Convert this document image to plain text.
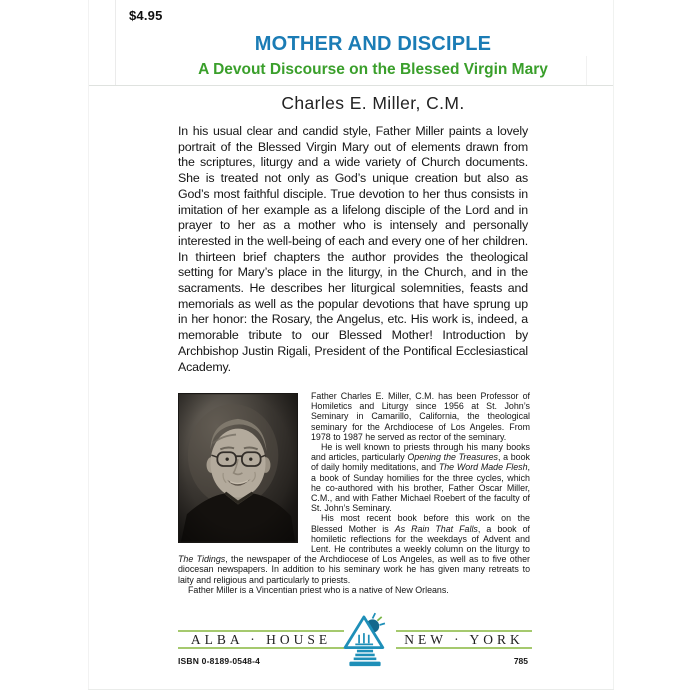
$4.95
MOTHER AND DISCIPLE
A Devout Discourse on the Blessed Virgin Mary
Charles E. Miller, C.M.
In his usual clear and candid style, Father Miller paints a lovely portrait of the Blessed Virgin Mary out of elements drawn from the scriptures, liturgy and a wide variety of Church documents. She is treated not only as God’s unique creation but also as God’s most faithful disciple. True devotion to her thus consists in imitation of her example as a lifelong disciple of the Lord and in prayer to her as a mother who is intensely and personally interested in the well-being of each and every one of her children. In thirteen brief chapters the author provides the theological setting for Mary’s place in the liturgy, in the Church, and in the sacraments. He describes her liturgical solemnities, feasts and memorials as well as the popular devotions that have sprung up in her honor: the Rosary, the Angelus, etc. His work is, indeed, a memorable tribute to our Blessed Mother! Introduction by Archbishop Justin Rigali, President of the Pontifical Ecclesiastical Academy.

Father Charles E. Miller, C.M. has been Professor of Homiletics and Liturgy since 1956 at St. John’s Seminary in Camarillo, California, the theological seminary for the Archdiocese of Los Angeles. From 1978 to 1987 he served as rector of the seminary.

He is well known to priests through his many books and articles, particularly Opening the Treasures, a book of daily homily meditations, and The Word Made Flesh, a book of Sunday homilies for the three cycles, which he co-authored with his brother, Father Oscar Miller, C.M., and with Father Michael Roebert of the faculty of St. John’s Seminary.

His most recent book before this work on the Blessed Mother is As Rain That Falls, a book of homiletic reflections for the weekdays of Advent and Lent. He contributes a weekly column on the liturgy to The Tidings, the newspaper of the Archdiocese of Los Angeles, as well as to five other diocesan newspapers. In addition to his seminary work he has given many retreats to laity and religious and particularly to priests.

Father Miller is a Vincentian priest who is a native of New Orleans.

ALBA · HOUSE	NEW · YORK
ISBN 0-8189-0548-4	785
